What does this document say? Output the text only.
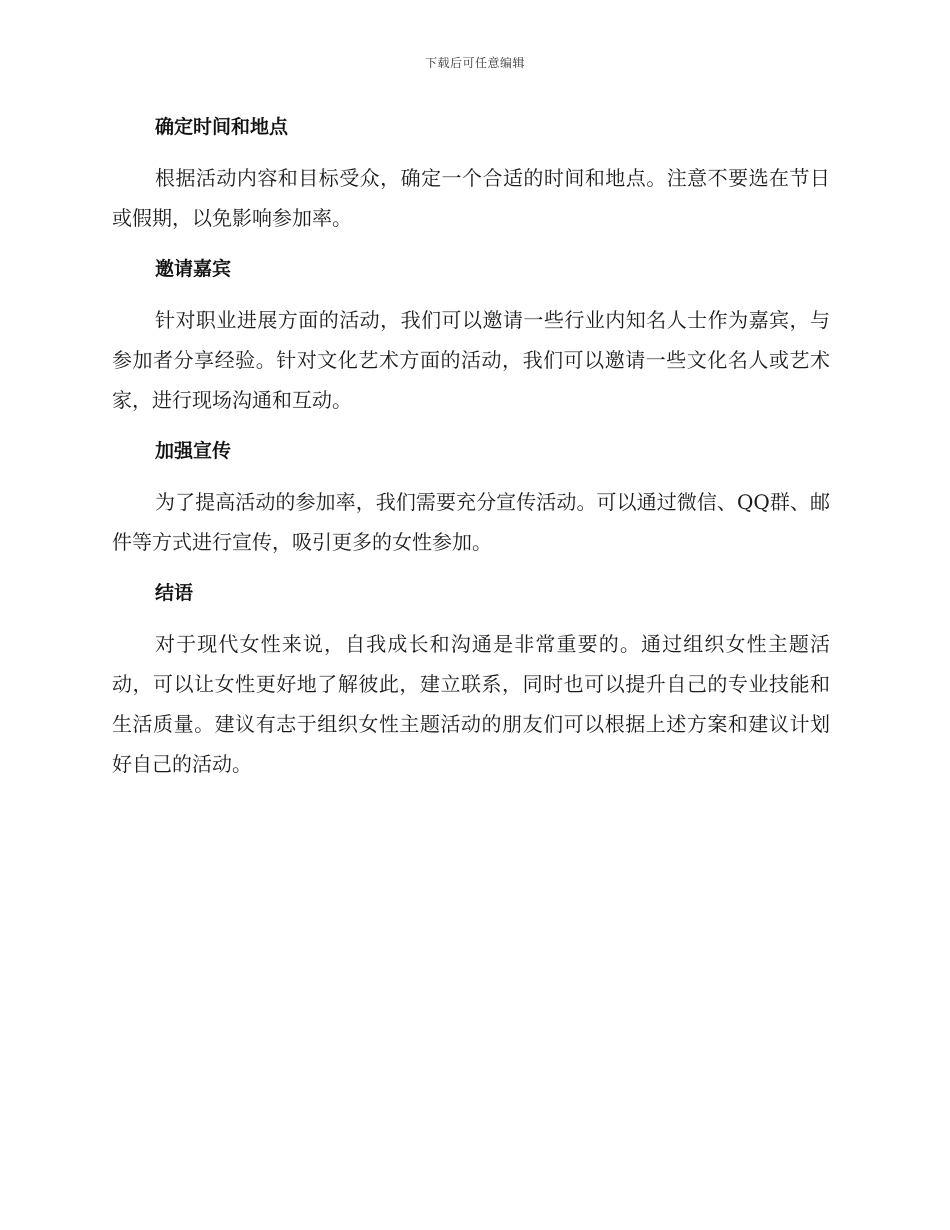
下载后可任意编辑
确定时间和地点

根据活动内容和目标受众，确定一个合适的时间和地点。注意不要选在节日或假期，以免影响参加率。

邀请嘉宾

针对职业进展方面的活动，我们可以邀请一些行业内知名人士作为嘉宾，与参加者分享经验。针对文化艺术方面的活动，我们可以邀请一些文化名人或艺术家，进行现场沟通和互动。

加强宣传

为了提高活动的参加率，我们需要充分宣传活动。可以通过微信、QQ群、邮件等方式进行宣传，吸引更多的女性参加。

结语

对于现代女性来说，自我成长和沟通是非常重要的。通过组织女性主题活动，可以让女性更好地了解彼此，建立联系，同时也可以提升自己的专业技能和生活质量。建议有志于组织女性主题活动的朋友们可以根据上述方案和建议计划好自己的活动。
